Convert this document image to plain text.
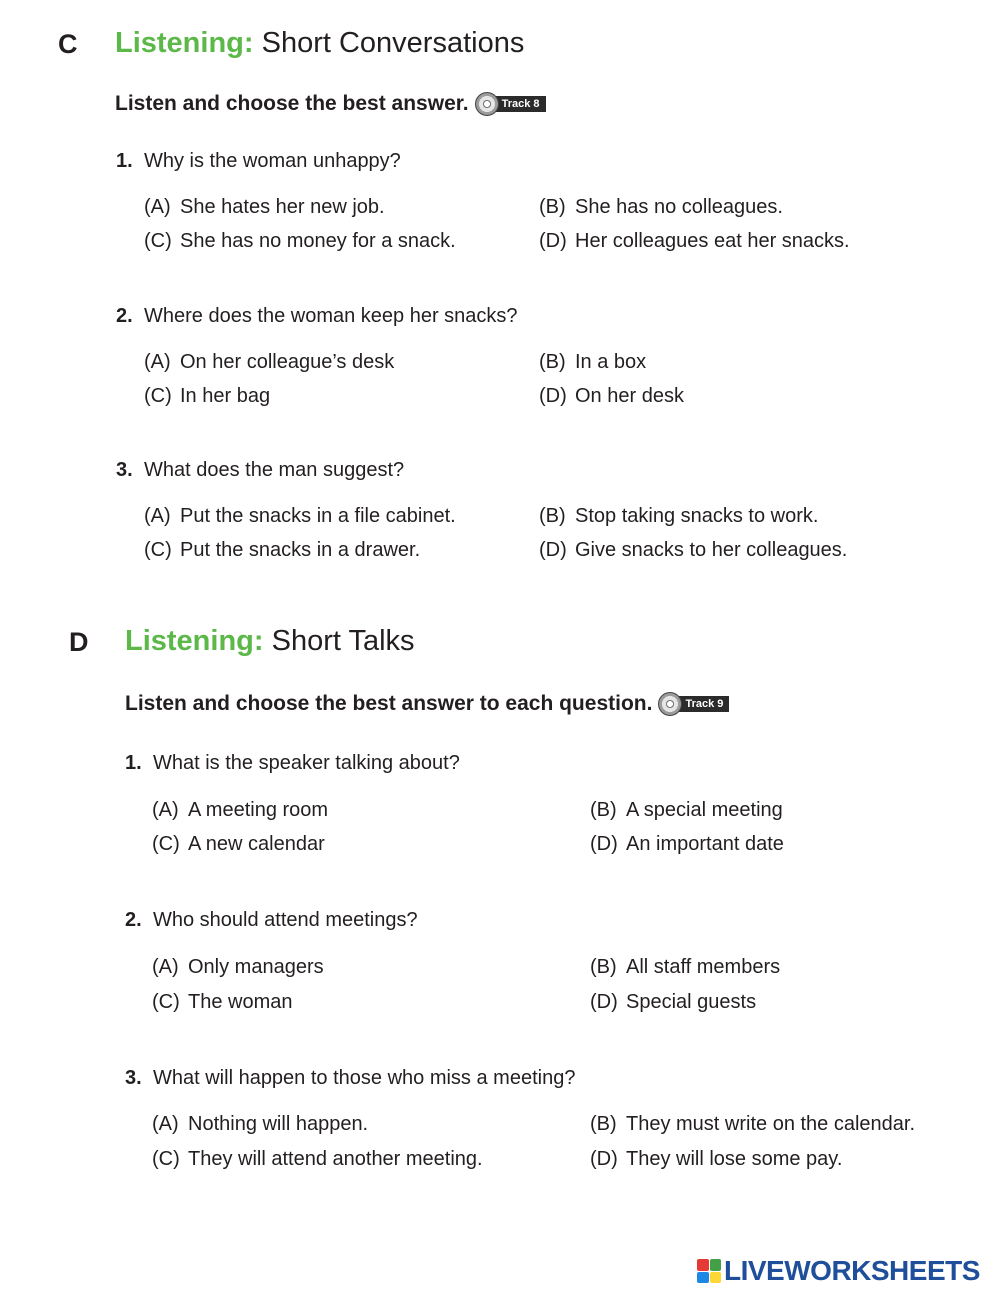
C Listening: Short Conversations
Listen and choose the best answer.	Track 8
1. Why is the woman unhappy?
(A) She hates her new job.	(B) She has no colleagues.
(C) She has no money for a snack.	(D) Her colleagues eat her snacks.
2. Where does the woman keep her snacks?
(A) On her colleague’s desk	(B) In a box
(C) In her bag	(D) On her desk
3. What does the man suggest?
(A) Put the snacks in a file cabinet.	(B) Stop taking snacks to work.
(C) Put the snacks in a drawer.	(D) Give snacks to her colleagues.
D Listening: Short Talks
Listen and choose the best answer to each question.	Track 9
1. What is the speaker talking about?
(A) A meeting room	(B) A special meeting
(C) A new calendar	(D) An important date
2. Who should attend meetings?
(A) Only managers	(B) All staff members
(C) The woman	(D) Special guests
3. What will happen to those who miss a meeting?
(A) Nothing will happen.	(B) They must write on the calendar.
(C) They will attend another meeting.	(D) They will lose some pay.
LIVEWORKSHEETS
